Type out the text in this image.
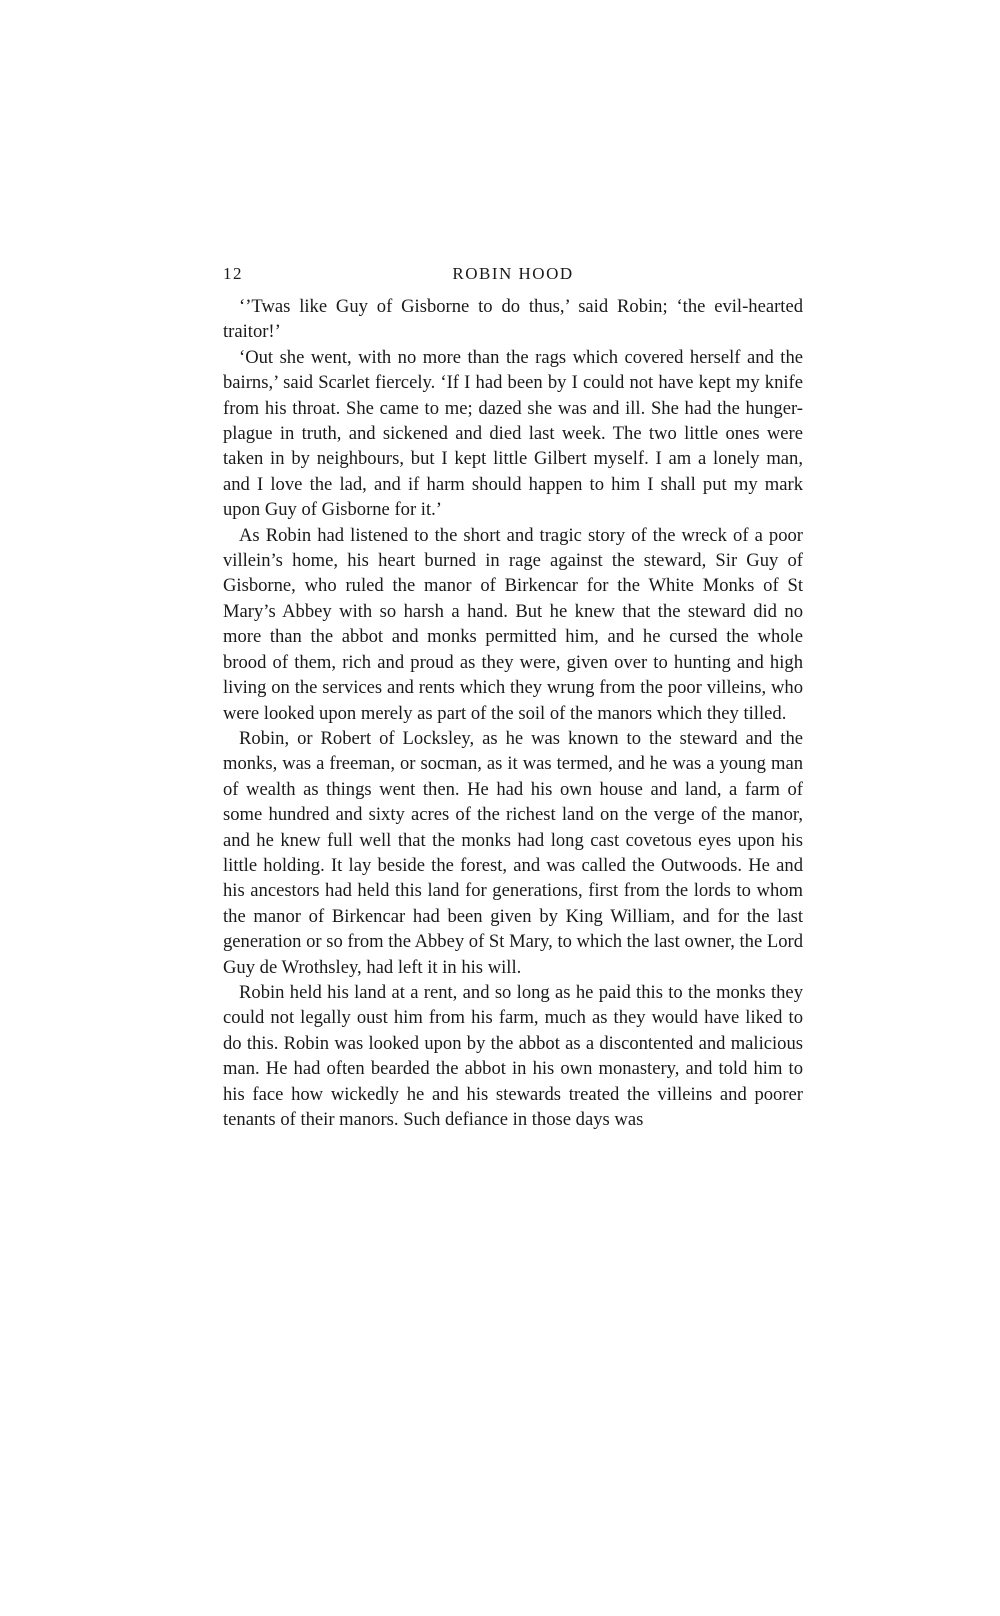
12	ROBIN HOOD

‘’Twas like Guy of Gisborne to do thus,’ said Robin; ‘the evil-hearted traitor!’

‘Out she went, with no more than the rags which covered herself and the bairns,’ said Scarlet fiercely. ‘If I had been by I could not have kept my knife from his throat. She came to me; dazed she was and ill. She had the hunger-plague in truth, and sickened and died last week. The two little ones were taken in by neighbours, but I kept little Gilbert myself. I am a lonely man, and I love the lad, and if harm should happen to him I shall put my mark upon Guy of Gisborne for it.’

As Robin had listened to the short and tragic story of the wreck of a poor villein’s home, his heart burned in rage against the steward, Sir Guy of Gisborne, who ruled the manor of Birkencar for the White Monks of St Mary’s Abbey with so harsh a hand. But he knew that the steward did no more than the abbot and monks permitted him, and he cursed the whole brood of them, rich and proud as they were, given over to hunting and high living on the services and rents which they wrung from the poor villeins, who were looked upon merely as part of the soil of the manors which they tilled.

Robin, or Robert of Locksley, as he was known to the steward and the monks, was a freeman, or socman, as it was termed, and he was a young man of wealth as things went then. He had his own house and land, a farm of some hundred and sixty acres of the richest land on the verge of the manor, and he knew full well that the monks had long cast covetous eyes upon his little holding. It lay beside the forest, and was called the Outwoods. He and his ancestors had held this land for generations, first from the lords to whom the manor of Birkencar had been given by King William, and for the last generation or so from the Abbey of St Mary, to which the last owner, the Lord Guy de Wrothsley, had left it in his will.

Robin held his land at a rent, and so long as he paid this to the monks they could not legally oust him from his farm, much as they would have liked to do this. Robin was looked upon by the abbot as a discontented and malicious man. He had often bearded the abbot in his own monastery, and told him to his face how wickedly he and his stewards treated the villeins and poorer tenants of their manors. Such defiance in those days was
